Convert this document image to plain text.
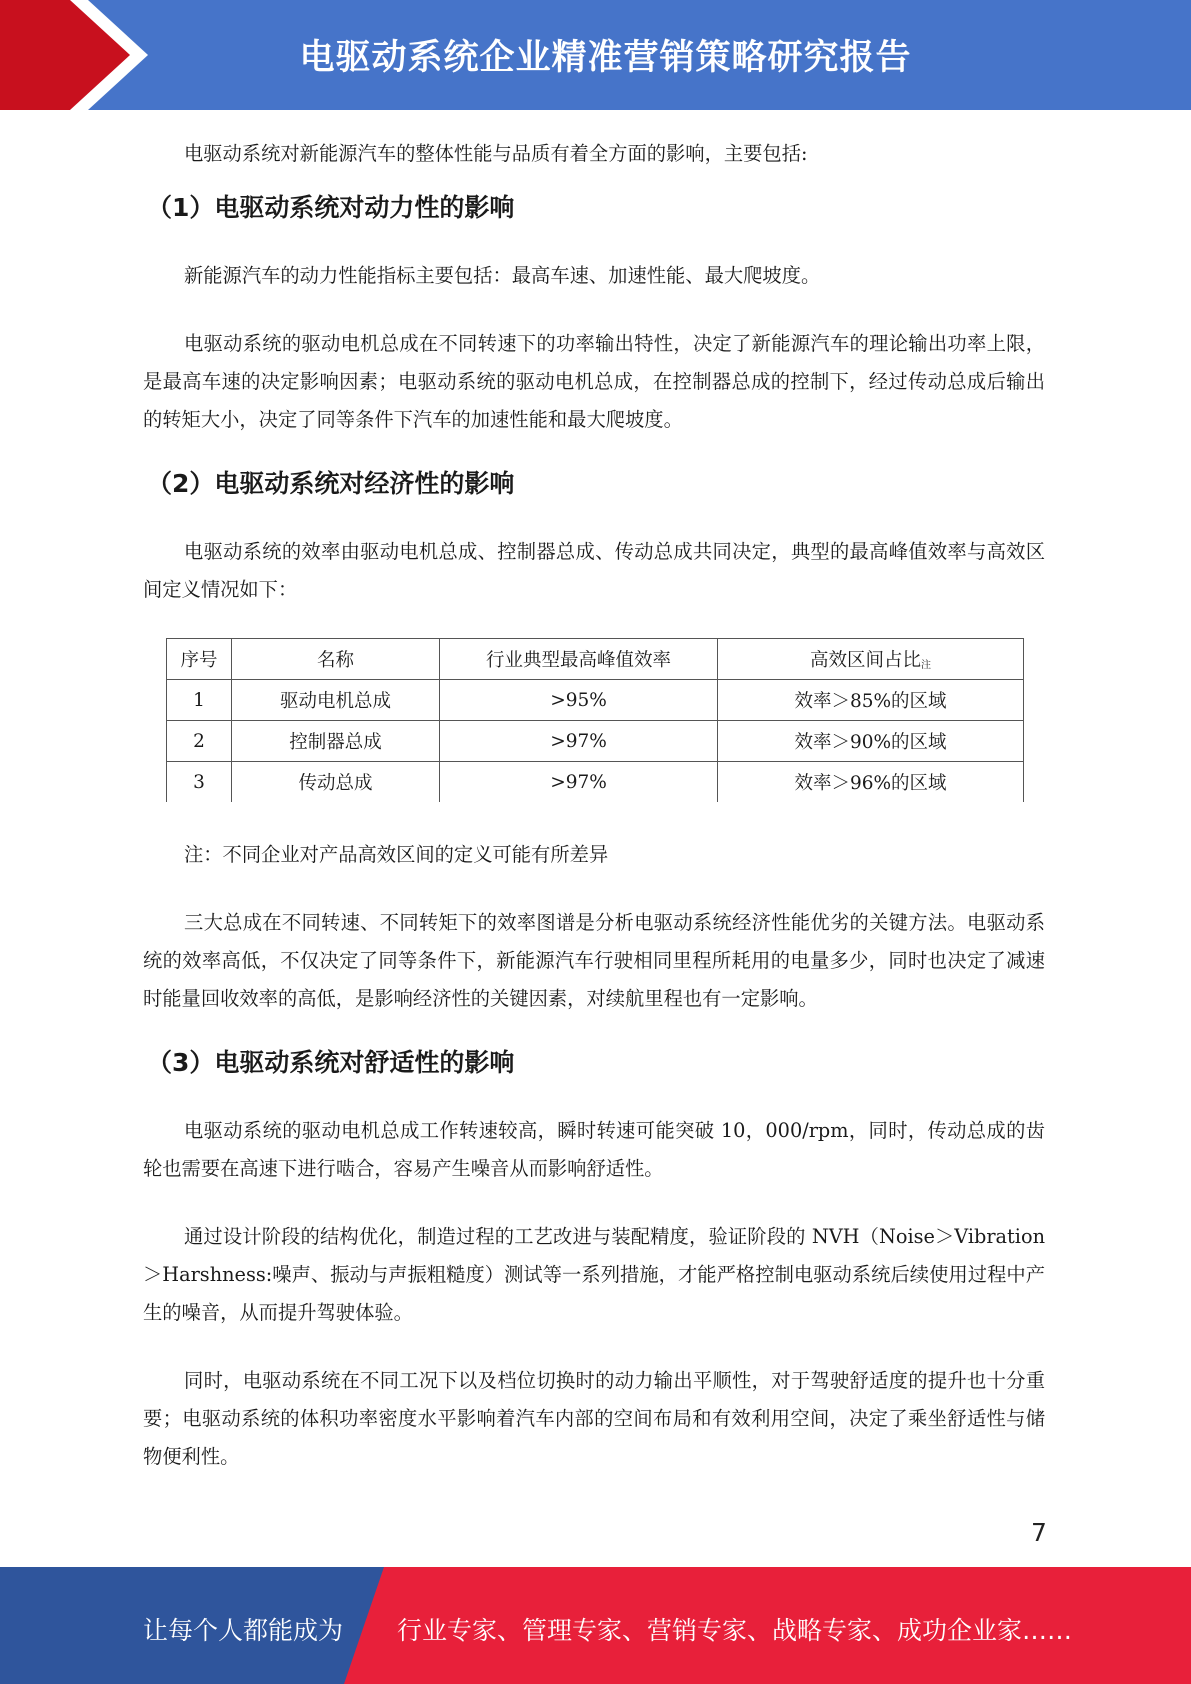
电驱动系统企业精准营销策略研究报告

电驱动系统对新能源汽车的整体性能与品质有着全方面的影响，主要包括:

（1）电驱动系统对动力性的影响

新能源汽车的动力性能指标主要包括：最高车速、加速性能、最大爬坡度。

电驱动系统的驱动电机总成在不同转速下的功率输出特性，决定了新能源汽车的理论输出功率上限，是最高车速的决定影响因素；电驱动系统的驱动电机总成，在控制器总成的控制下，经过传动总成后输出的转矩大小，决定了同等条件下汽车的加速性能和最大爬坡度。

（2）电驱动系统对经济性的影响

电驱动系统的效率由驱动电机总成、控制器总成、传动总成共同决定，典型的最高峰值效率与高效区间定义情况如下：

序号	名称	行业典型最高峰值效率	高效区间占比$^注$
1	驱动电机总成	>95%	效率＞85%的区域
2	控制器总成	>97%	效率＞90%的区域
3	传动总成	>97%	效率＞96%的区域

注：不同企业对产品高效区间的定义可能有所差异

三大总成在不同转速、不同转矩下的效率图谱是分析电驱动系统经济性能优劣的关键方法。电驱动系统的效率高低，不仅决定了同等条件下，新能源汽车行驶相同里程所耗用的电量多少，同时也决定了减速时能量回收效率的高低，是影响经济性的关键因素，对续航里程也有一定影响。

（3）电驱动系统对舒适性的影响

电驱动系统的驱动电机总成工作转速较高，瞬时转速可能突破 10，000/rpm，同时，传动总成的齿轮也需要在高速下进行啮合，容易产生噪音从而影响舒适性。

通过设计阶段的结构优化，制造过程的工艺改进与装配精度，验证阶段的 NVH（Noise＞Vibration＞Harshness:噪声、振动与声振粗糙度）测试等一系列措施，才能严格控制电驱动系统后续使用过程中产生的噪音，从而提升驾驶体验。

同时，电驱动系统在不同工况下以及档位切换时的动力输出平顺性，对于驾驶舒适度的提升也十分重要；电驱动系统的体积功率密度水平影响着汽车内部的空间布局和有效利用空间，决定了乘坐舒适性与储物便利性。

7
让每个人都能成为 行业专家、管理专家、营销专家、战略专家、成功企业家……
